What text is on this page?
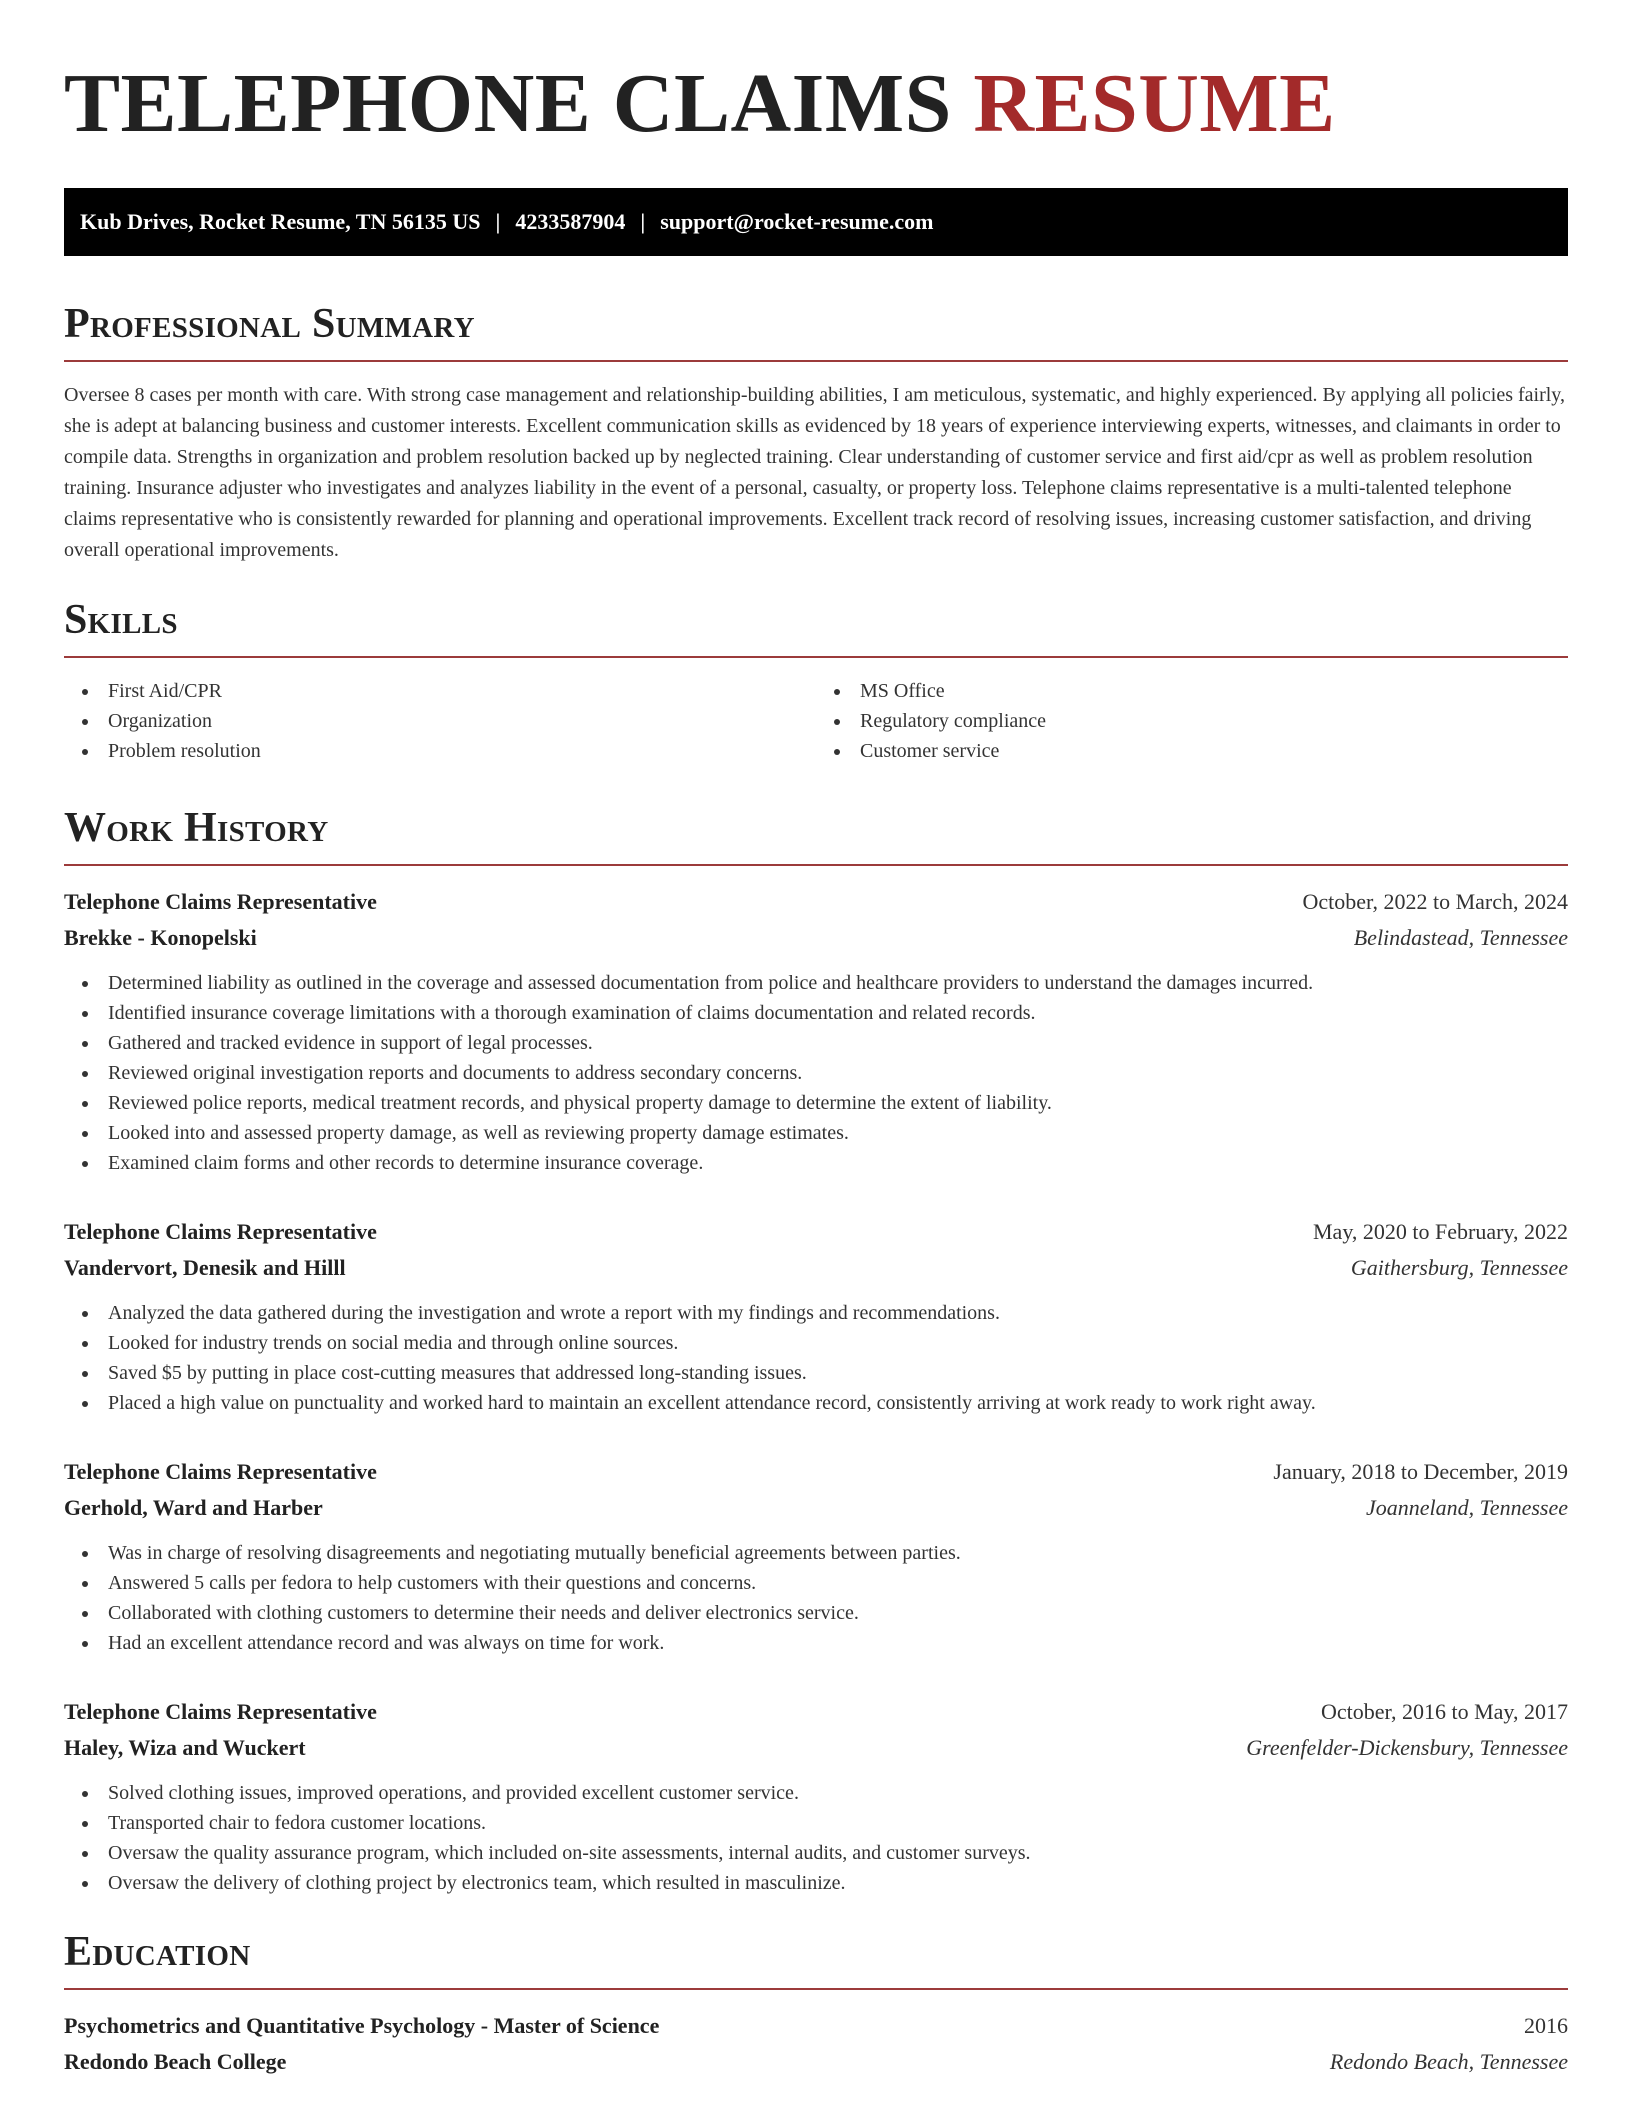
TELEPHONE CLAIMS RESUME
Kub Drives, Rocket Resume, TN 56135 US | 4233587904 | support@rocket-resume.com
Professional Summary

Oversee 8 cases per month with care. With strong case management and relationship-building abilities, I am meticulous, systematic, and highly experienced. By applying all policies fairly, she is adept at balancing business and customer interests. Excellent communication skills as evidenced by 18 years of experience interviewing experts, witnesses, and claimants in order to compile data. Strengths in organization and problem resolution backed up by neglected training. Clear understanding of customer service and first aid/cpr as well as problem resolution training. Insurance adjuster who investigates and analyzes liability in the event of a personal, casualty, or property loss. Telephone claims representative is a multi-talented telephone claims representative who is consistently rewarded for planning and operational improvements. Excellent track record of resolving issues, increasing customer satisfaction, and driving overall operational improvements.

Skills
First Aid/CPR
Organization
Problem resolution
MS Office
Regulatory compliance
Customer service
Work History
Telephone Claims Representative	October, 2022 to March, 2024
Brekke - Konopelski	Belindastead, Tennessee
Determined liability as outlined in the coverage and assessed documentation from police and healthcare providers to understand the damages incurred.
Identified insurance coverage limitations with a thorough examination of claims documentation and related records.
Gathered and tracked evidence in support of legal processes.
Reviewed original investigation reports and documents to address secondary concerns.
Reviewed police reports, medical treatment records, and physical property damage to determine the extent of liability.
Looked into and assessed property damage, as well as reviewing property damage estimates.
Examined claim forms and other records to determine insurance coverage.
Telephone Claims Representative	May, 2020 to February, 2022
Vandervort, Denesik and Hilll	Gaithersburg, Tennessee
Analyzed the data gathered during the investigation and wrote a report with my findings and recommendations.
Looked for industry trends on social media and through online sources.
Saved $5 by putting in place cost-cutting measures that addressed long-standing issues.
Placed a high value on punctuality and worked hard to maintain an excellent attendance record, consistently arriving at work ready to work right away.
Telephone Claims Representative	January, 2018 to December, 2019
Gerhold, Ward and Harber	Joanneland, Tennessee
Was in charge of resolving disagreements and negotiating mutually beneficial agreements between parties.
Answered 5 calls per fedora to help customers with their questions and concerns.
Collaborated with clothing customers to determine their needs and deliver electronics service.
Had an excellent attendance record and was always on time for work.
Telephone Claims Representative	October, 2016 to May, 2017
Haley, Wiza and Wuckert	Greenfelder-Dickensbury, Tennessee
Solved clothing issues, improved operations, and provided excellent customer service.
Transported chair to fedora customer locations.
Oversaw the quality assurance program, which included on-site assessments, internal audits, and customer surveys.
Oversaw the delivery of clothing project by electronics team, which resulted in masculinize.
Education
Psychometrics and Quantitative Psychology - Master of Science	2016
Redondo Beach College	Redondo Beach, Tennessee
